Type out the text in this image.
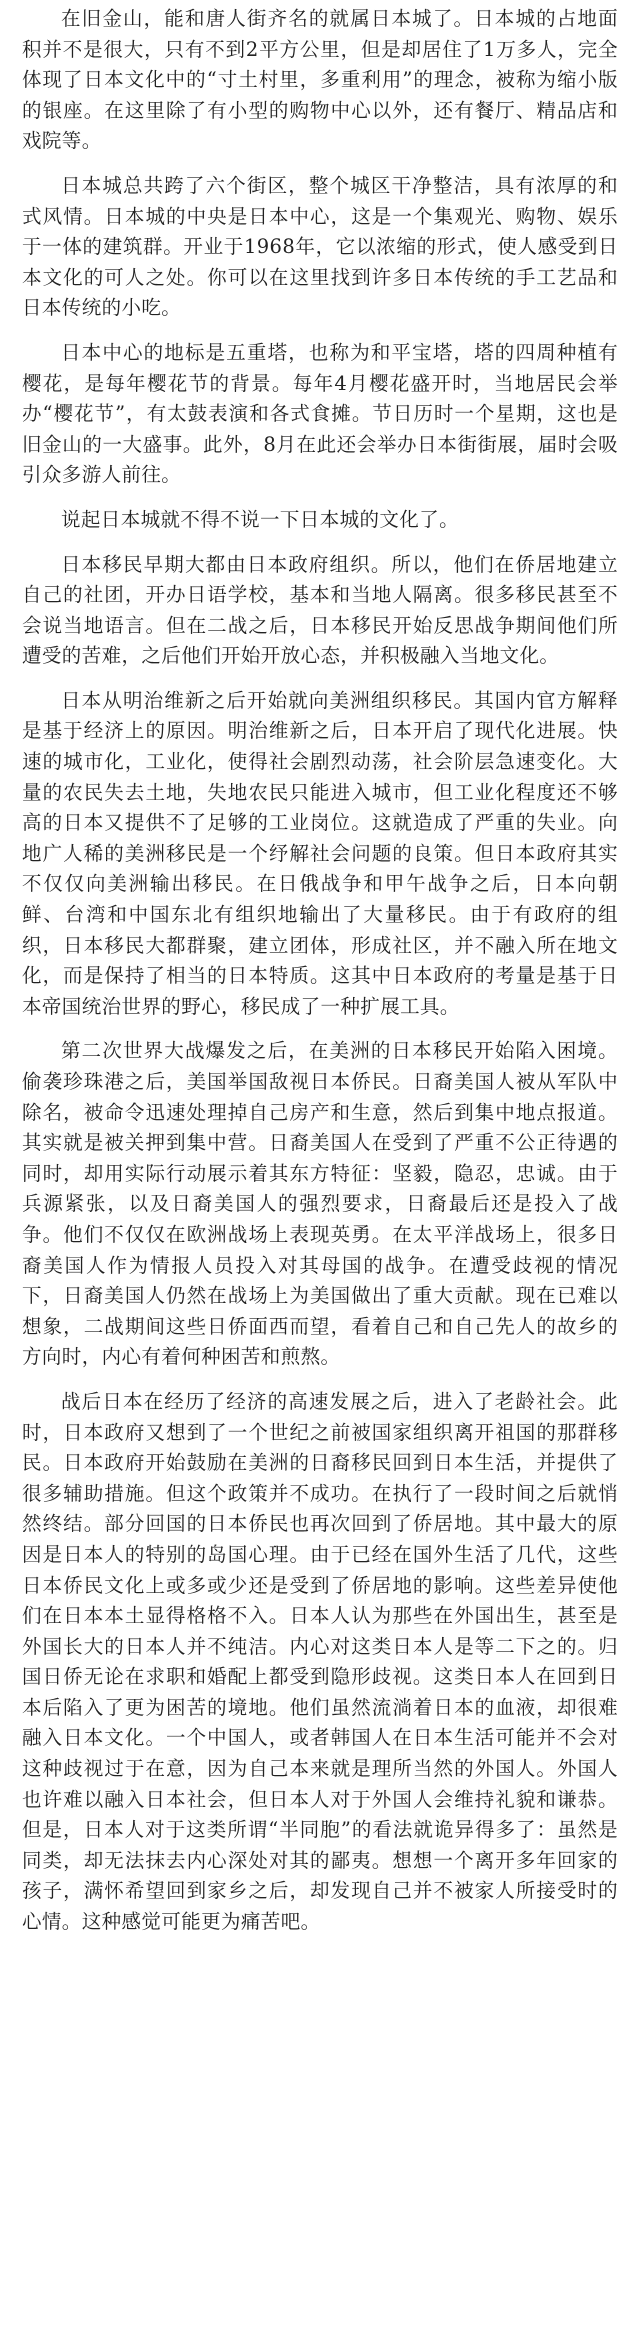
在旧金山，能和唐人街齐名的就属日本城了。日本城的占地面积并不是很大，只有不到2平方公里，但是却居住了1万多人，完全体现了日本文化中的“寸土村里，多重利用”的理念，被称为缩小版的银座。在这里除了有小型的购物中心以外，还有餐厅、精品店和戏院等。

日本城总共跨了六个街区，整个城区干净整洁，具有浓厚的和式风情。日本城的中央是日本中心，这是一个集观光、购物、娱乐于一体的建筑群。开业于1968年，它以浓缩的形式，使人感受到日本文化的可人之处。你可以在这里找到许多日本传统的手工艺品和日本传统的小吃。

日本中心的地标是五重塔，也称为和平宝塔，塔的四周种植有樱花，是每年樱花节的背景。每年4月樱花盛开时，当地居民会举办“樱花节”，有太鼓表演和各式食摊。节日历时一个星期，这也是旧金山的一大盛事。此外，8月在此还会举办日本街街展，届时会吸引众多游人前往。

说起日本城就不得不说一下日本城的文化了。

日本移民早期大都由日本政府组织。所以，他们在侨居地建立自己的社团，开办日语学校，基本和当地人隔离。很多移民甚至不会说当地语言。但在二战之后，日本移民开始反思战争期间他们所遭受的苦难，之后他们开始开放心态，并积极融入当地文化。

日本从明治维新之后开始就向美洲组织移民。其国内官方解释是基于经济上的原因。明治维新之后，日本开启了现代化进展。快速的城市化，工业化，使得社会剧烈动荡，社会阶层急速变化。大量的农民失去土地，失地农民只能进入城市，但工业化程度还不够高的日本又提供不了足够的工业岗位。这就造成了严重的失业。向地广人稀的美洲移民是一个纾解社会问题的良策。但日本政府其实不仅仅向美洲输出移民。在日俄战争和甲午战争之后，日本向朝鲜、台湾和中国东北有组织地输出了大量移民。由于有政府的组织，日本移民大都群聚，建立团体，形成社区，并不融入所在地文化，而是保持了相当的日本特质。这其中日本政府的考量是基于日本帝国统治世界的野心，移民成了一种扩展工具。

第二次世界大战爆发之后，在美洲的日本移民开始陷入困境。偷袭珍珠港之后，美国举国敌视日本侨民。日裔美国人被从军队中除名，被命令迅速处理掉自己房产和生意，然后到集中地点报道。其实就是被关押到集中营。日裔美国人在受到了严重不公正待遇的同时，却用实际行动展示着其东方特征：坚毅，隐忍，忠诚。由于兵源紧张，以及日裔美国人的强烈要求，日裔最后还是投入了战争。他们不仅仅在欧洲战场上表现英勇。在太平洋战场上，很多日裔美国人作为情报人员投入对其母国的战争。在遭受歧视的情况下，日裔美国人仍然在战场上为美国做出了重大贡献。现在已难以想象，二战期间这些日侨面西而望，看着自己和自己先人的故乡的方向时，内心有着何种困苦和煎熬。

战后日本在经历了经济的高速发展之后，进入了老龄社会。此时，日本政府又想到了一个世纪之前被国家组织离开祖国的那群移民。日本政府开始鼓励在美洲的日裔移民回到日本生活，并提供了很多辅助措施。但这个政策并不成功。在执行了一段时间之后就悄然终结。部分回国的日本侨民也再次回到了侨居地。其中最大的原因是日本人的特别的岛国心理。由于已经在国外生活了几代，这些日本侨民文化上或多或少还是受到了侨居地的影响。这些差异使他们在日本本土显得格格不入。日本人认为那些在外国出生，甚至是外国长大的日本人并不纯洁。内心对这类日本人是等二下之的。归国日侨无论在求职和婚配上都受到隐形歧视。这类日本人在回到日本后陷入了更为困苦的境地。他们虽然流淌着日本的血液，却很难融入日本文化。一个中国人，或者韩国人在日本生活可能并不会对这种歧视过于在意，因为自己本来就是理所当然的外国人。外国人也许难以融入日本社会，但日本人对于外国人会维持礼貌和谦恭。但是，日本人对于这类所谓“半同胞”的看法就诡异得多了：虽然是同类，却无法抹去内心深处对其的鄙夷。想想一个离开多年回家的孩子，满怀希望回到家乡之后，却发现自己并不被家人所接受时的心情。这种感觉可能更为痛苦吧。
